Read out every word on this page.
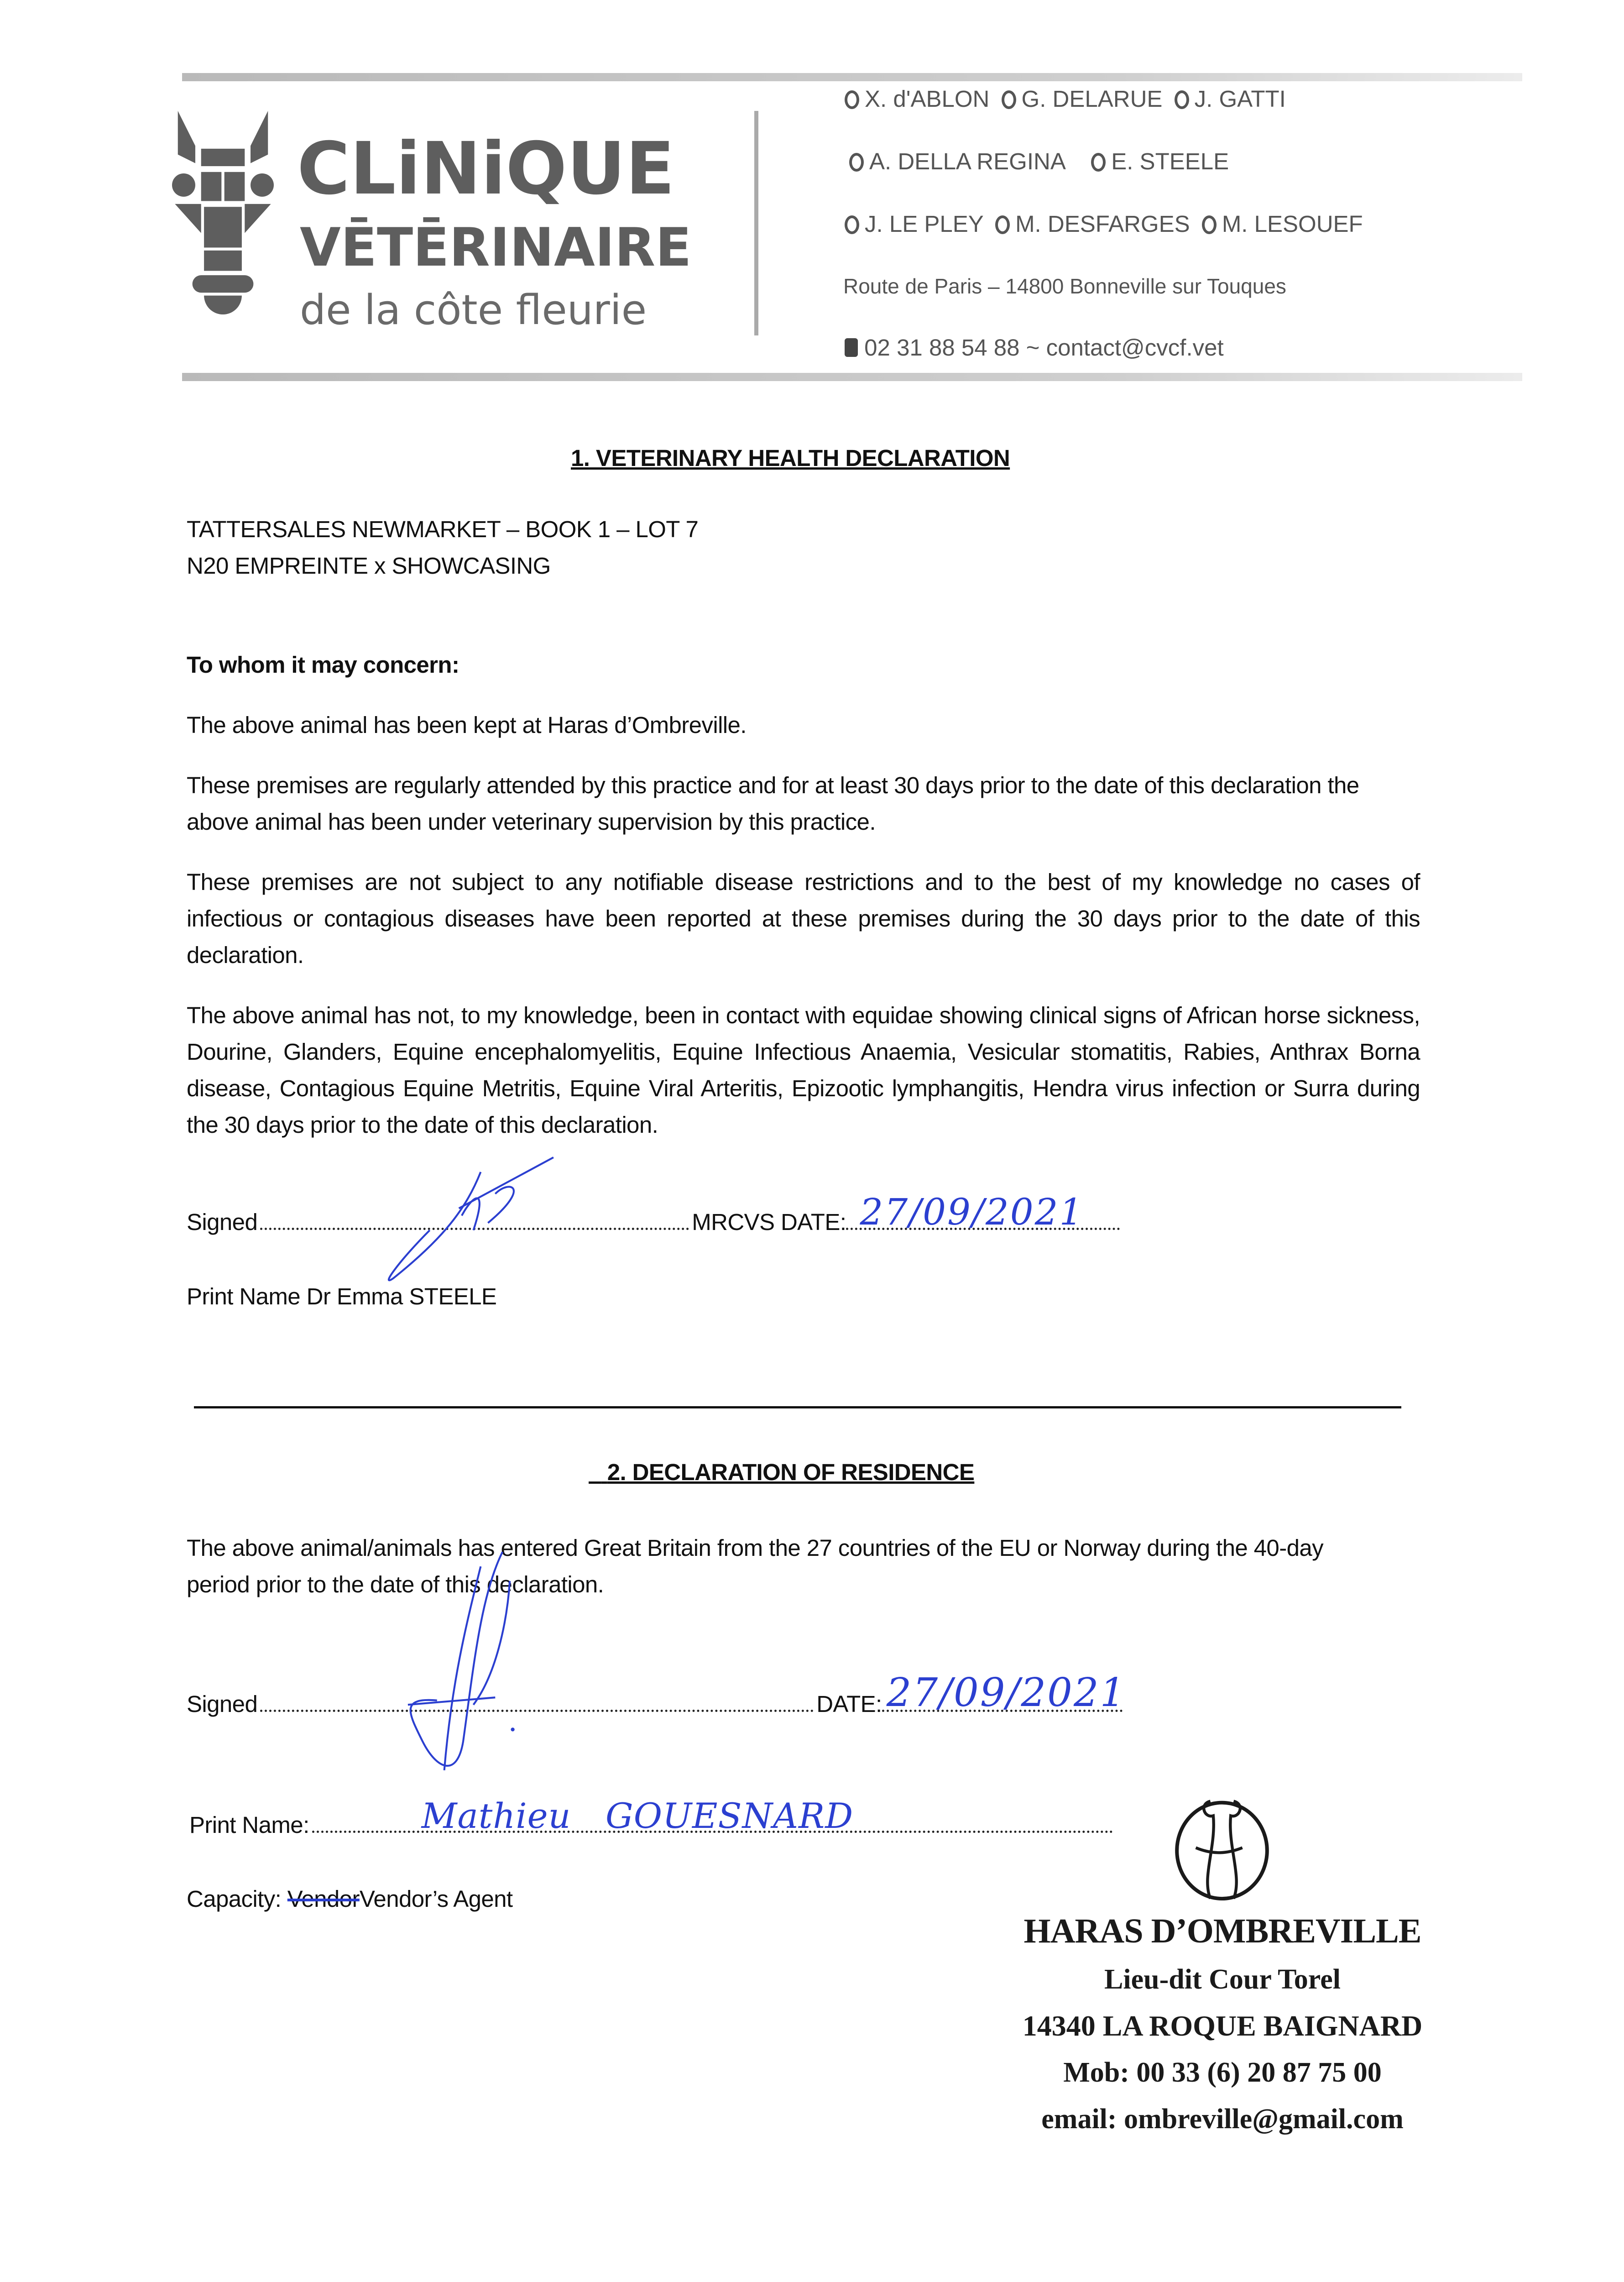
CLiNiQUE
VĒTĒRINAIRE
de la côte fleurie
X. d'ABLON G. DELARUE J. GATTI
A. DELLA REGINA E. STEELE
J. LE PLEY M. DESFARGES M. LESOUEF
Route de Paris – 14800 Bonneville sur Touques
02 31 88 54 88 ~ contact@cvcf.vet
1. VETERINARY HEALTH DECLARATION
TATTERSALES NEWMARKET – BOOK 1 – LOT 7
N20 EMPREINTE x SHOWCASING
To whom it may concern:

The above animal has been kept at Haras d’Ombreville.

These premises are regularly attended by this practice and for at least 30 days prior to the date of this declaration the above animal has been under veterinary supervision by this practice.

These premises are not subject to any notifiable disease restrictions and to the best of my knowledge no cases of infectious or contagious diseases have been reported at these premises during the 30 days prior to the date of this declaration.

The above animal has not, to my knowledge, been in contact with equidae showing clinical signs of African horse sickness, Dourine, Glanders, Equine encephalomyelitis, Equine Infectious Anaemia, Vesicular stomatitis, Rabies, Anthrax Borna disease, Contagious Equine Metritis, Equine Viral Arteritis, Epizootic lymphangitis, Hendra virus infection or Surra during the 30 days prior to the date of this declaration.

Signed	MRCVS DATE: 27/09/2021
Print Name Dr Emma STEELE
2. DECLARATION OF RESIDENCE

The above animal/animals has entered Great Britain from the 27 countries of the EU or Norway during the 40-day period prior to the date of this declaration.

Signed	DATE: 27/09/2021
Print Name:	Mathieu   GOUESNARD
Capacity: VendorVendor’s Agent
HARAS D’OMBREVILLE
Lieu-dit Cour Torel
14340 LA ROQUE BAIGNARD
Mob: 00 33 (6) 20 87 75 00
email: ombreville@gmail.com
